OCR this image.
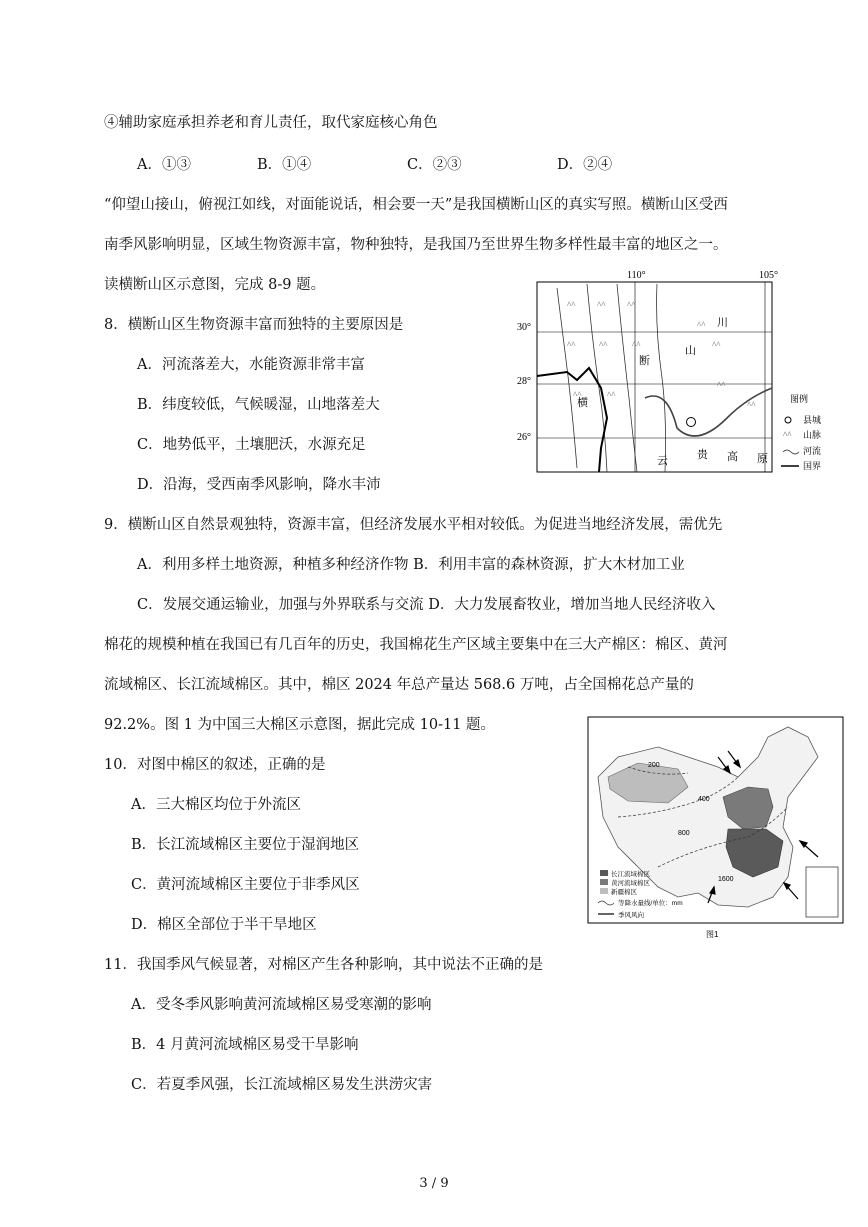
④辅助家庭承担养老和育儿责任，取代家庭核心角色
A．①③	B．①④	C．②③	D．②④
“仰望山接山，俯视江如线，对面能说话，相会要一天”是我国横断山区的真实写照。横断山区受西
南季风影响明显，区域生物资源丰富，物种独特，是我国乃至世界生物多样性最丰富的地区之一。
读横断山区示意图，完成 8-9 题。
8．横断山区生物资源丰富而独特的主要原因是
A．河流落差大，水能资源非常丰富
B．纬度较低，气候暖湿，山地落差大
C．地势低平，土壤肥沃，水源充足
D．沿海，受西南季风影响，降水丰沛
9．横断山区自然景观独特，资源丰富，但经济发展水平相对较低。为促进当地经济发展，需优先
A．利用多样土地资源，种植多种经济作物 B．利用丰富的森林资源，扩大木材加工业
C．发展交通运输业，加强与外界联系与交流 D．大力发展畜牧业，增加当地人民经济收入
棉花的规模种植在我国已有几百年的历史，我国棉花生产区域主要集中在三大产棉区：棉区、黄河
流域棉区、长江流域棉区。其中，棉区 2024 年总产量达 568.6 万吨，占全国棉花总产量的
92.2%。图 1 为中国三大棉区示意图，据此完成 10-11 题。
10．对图中棉区的叙述，正确的是
A．三大棉区均位于外流区
B．长江流域棉区主要位于湿润地区
C．黄河流域棉区主要位于非季风区
D．棉区全部位于半干旱地区
11．我国季风气候显著，对棉区产生各种影响，其中说法不正确的是
A．受冬季风影响黄河流域棉区易受寒潮的影响
B．4 月黄河流域棉区易受干旱影响
C．若夏季风强，长江流域棉区易发生洪涝灾害
110°	105°
30°
28°
26°
^^ ^^ ^^
^^	^^	^^
^^	^^
^^
^^
^^
^^
川
断
山
贵 高 原
横
云
图例
县城
^^ 山脉
河流
国界
200
400
800
1600
长江流域棉区
黄河流域棉区
新疆棉区
等降水量线/单位：mm
季风风向
图1
3 / 9
